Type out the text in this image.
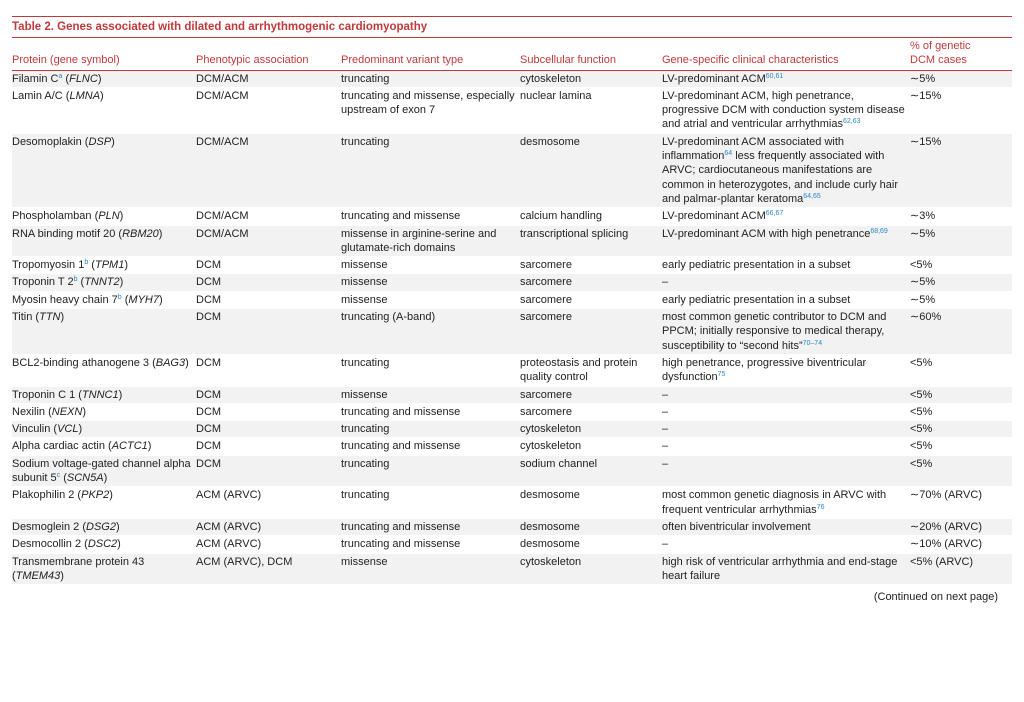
Table 2. Genes associated with dilated and arrhythmogenic cardiomyopathy
Protein (gene symbol)	Phenotypic association	Predominant variant type	Subcellular function	Gene-specific clinical characteristics	% of genetic
DCM cases
Filamin $C^a$ (FLNC)	DCM/ACM	truncating	cytoskeleton	LV-predominant ACM$^{60,61}$	∼5%
Lamin A/C (LMNA)	DCM/ACM	truncating and missense, especially upstream of exon 7	nuclear lamina	LV-predominant ACM, high penetrance, progressive DCM with conduction system disease and atrial and ventricular arrhythmias$^{62,63}$	∼15%
Desomoplakin (DSP)	DCM/ACM	truncating	desmosome	LV-predominant ACM associated with inflammation$^{64}$ less frequently associated with ARVC; cardiocutaneous manifestations are common in heterozygotes, and include curly hair and palmar-plantar keratoma$^{64,65}$	∼15%
Phospholamban (PLN)	DCM/ACM	truncating and missense	calcium handling	LV-predominant ACM$^{66,67}$	∼3%
RNA binding motif 20 (RBM20)	DCM/ACM	missense in arginine-serine and glutamate-rich domains	transcriptional splicing	LV-predominant ACM with high penetrance$^{68,69}$	∼5%
Tropomyosin 1$^b$ (TPM1)	DCM	missense	sarcomere	early pediatric presentation in a subset	<5%
Troponin T 2$^b$ (TNNT2)	DCM	missense	sarcomere	–	∼5%
Myosin heavy chain 7$^b$ (MYH7)	DCM	missense	sarcomere	early pediatric presentation in a subset	∼5%
Titin (TTN)	DCM	truncating (A-band)	sarcomere	most common genetic contributor to DCM and PPCM; initially responsive to medical therapy, susceptibility to “second hits”$^{70-74}$	∼60%
BCL2-binding athanogene 3 (BAG3)	DCM	truncating	proteostasis and protein quality control	high penetrance, progressive biventricular dysfunction$^{75}$	<5%
Troponin C 1 (TNNC1)	DCM	missense	sarcomere	–	<5%
Nexilin (NEXN)	DCM	truncating and missense	sarcomere	–	<5%
Vinculin (VCL)	DCM	truncating	cytoskeleton	–	<5%
Alpha cardiac actin (ACTC1)	DCM	truncating and missense	cytoskeleton	–	<5%
Sodium voltage-gated channel alpha subunit 5$^c$ (SCN5A)	DCM	truncating	sodium channel	–	<5%
Plakophilin 2 (PKP2)	ACM (ARVC)	truncating	desmosome	most common genetic diagnosis in ARVC with frequent ventricular arrhythmias$^{76}$	∼70% (ARVC)
Desmoglein 2 (DSG2)	ACM (ARVC)	truncating and missense	desmosome	often biventricular involvement	∼20% (ARVC)
Desmocollin 2 (DSC2)	ACM (ARVC)	truncating and missense	desmosome	–	∼10% (ARVC)
Transmembrane protein 43 (TMEM43)	ACM (ARVC), DCM	missense	cytoskeleton	high risk of ventricular arrhythmia and end-stage heart failure	<5% (ARVC)
(Continued on next page)
